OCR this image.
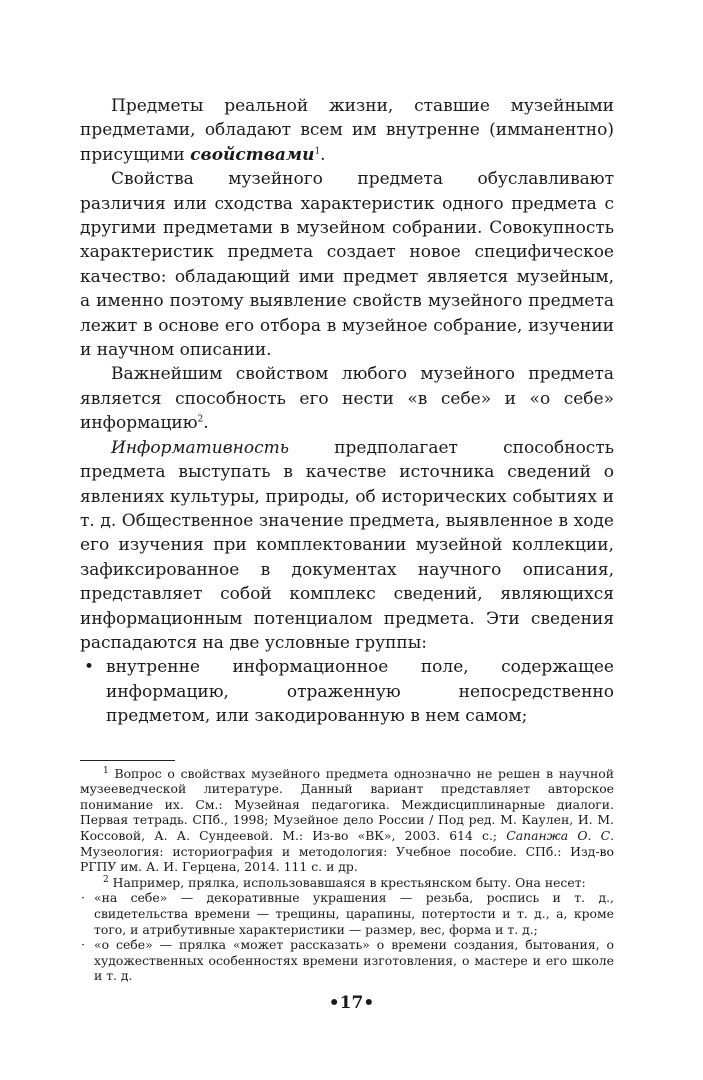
Предметы реальной жизни, ставшие музейными предметами, обладают всем им внутренне (имманентно) присущими свойствами$^1$.

Свойства музейного предмета обуславливают различия или сходства характеристик одного предмета с другими предметами в музейном собрании. Совокупность характеристик предмета создает новое специфическое качество: обладающий ими предмет является музейным, а именно поэтому выявление свойств музейного предмета лежит в основе его отбора в музейное собрание, изучении и научном описании.

Важнейшим свойством любого музейного предмета является способность его нести «в себе» и «о себе» информацию$^2$.

Информативность предполагает способность предмета выступать в качестве источника сведений о явлениях культуры, природы, об исторических событиях и т. д. Общественное значение предмета, выявленное в ходе его изучения при комплектовании музейной коллекции, зафиксированное в документах научного описания, представляет собой комплекс сведений, являющихся информационным потенциалом предмета. Эти сведения распадаются на две условные группы:

• внутренне информационное поле, содержащее информацию, отраженную непосредственно предметом, или закодированную в нем самом;

$^1$ Вопрос о свойствах музейного предмета однозначно не решен в научной музееведческой литературе. Данный вариант представляет авторское понимание их. См.: Музейная педагогика. Междисциплинарные диалоги. Первая тетрадь. СПб., 1998; Музейное дело России / Под ред. М. Каулен, И. М. Коссовой, А. А. Сундеевой. М.: Из-во «ВК», 2003. 614 с.; Сапанжа О. С. Музеология: историография и методология: Учебное пособие. СПб.: Изд-во РГПУ им. А. И. Герцена, 2014. 111 с. и др.

$^2$ Например, прялка, использовавшаяся в крестьянском быту. Она несет:

· «на себе» — декоративные украшения — резьба, роспись и т. д., свидетельства времени — трещины, царапины, потертости и т. д., а, кроме того, и атрибутивные характеристики — размер, вес, форма и т. д.;
· «о себе» — прялка «может рассказать» о времени создания, бытования, о художественных особенностях времени изготовления, о мастере и его школе и т. д.
•17•
